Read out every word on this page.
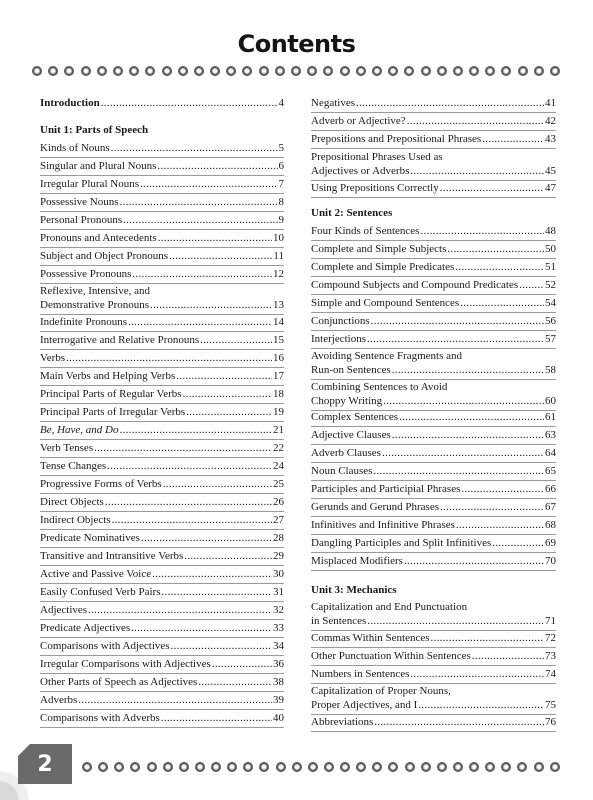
Contents
Introduction .....	4
Unit 1: Parts of Speech
Kinds of Nouns .....	5
Singular and Plural Nouns .....	6
Irregular Plural Nouns .....	7
Possessive Nouns .....	8
Personal Pronouns .....	9
Pronouns and Antecedents .....	10
Subject and Object Pronouns .....	11
Possessive Pronouns .....	12
Reflexive, Intensive, and
Demonstrative Pronouns .....	13
Indefinite Pronouns .....	14
Interrogative and Relative Pronouns .....	15
Verbs .....	16
Main Verbs and Helping Verbs .....	17
Principal Parts of Regular Verbs .....	18
Principal Parts of Irregular Verbs .....	19
Be, Have, and Do .....	21
Verb Tenses .....	22
Tense Changes .....	24
Progressive Forms of Verbs .....	25
Direct Objects .....	26
Indirect Objects .....	27
Predicate Nominatives .....	28
Transitive and Intransitive Verbs .....	29
Active and Passive Voice .....	30
Easily Confused Verb Pairs .....	31
Adjectives .....	32
Predicate Adjectives .....	33
Comparisons with Adjectives .....	34
Irregular Comparisons with Adjectives .....	36
Other Parts of Speech as Adjectives .....	38
Adverbs .....	39
Comparisons with Adverbs .....	40
Negatives .....	41
Adverb or Adjective? .....	42
Prepositions and Prepositional Phrases .....	43
Prepositional Phrases Used as
Adjectives or Adverbs .....	45
Using Prepositions Correctly .....	47
Unit 2: Sentences
Four Kinds of Sentences .....	48
Complete and Simple Subjects .....	50
Complete and Simple Predicates .....	51
Compound Subjects and Compound Predicates ..... 52
Simple and Compound Sentences .....	54
Conjunctions .....	56
Interjections .....	57
Avoiding Sentence Fragments and
Run-on Sentences .....	58
Combining Sentences to Avoid
Choppy Writing .....	60
Complex Sentences .....	61
Adjective Clauses .....	63
Adverb Clauses .....	64
Noun Clauses .....	65
Participles and Participial Phrases .....	66
Gerunds and Gerund Phrases .....	67
Infinitives and Infinitive Phrases .....	68
Dangling Participles and Split Infinitives .....	69
Misplaced Modifiers .....	70
Unit 3: Mechanics
Capitalization and End Punctuation
in Sentences .....	71
Commas Within Sentences .....	72
Other Punctuation Within Sentences .....	73
Numbers in Sentences .....	74
Capitalization of Proper Nouns,
Proper Adjectives, and I .....	75
Abbreviations .....	76
2
